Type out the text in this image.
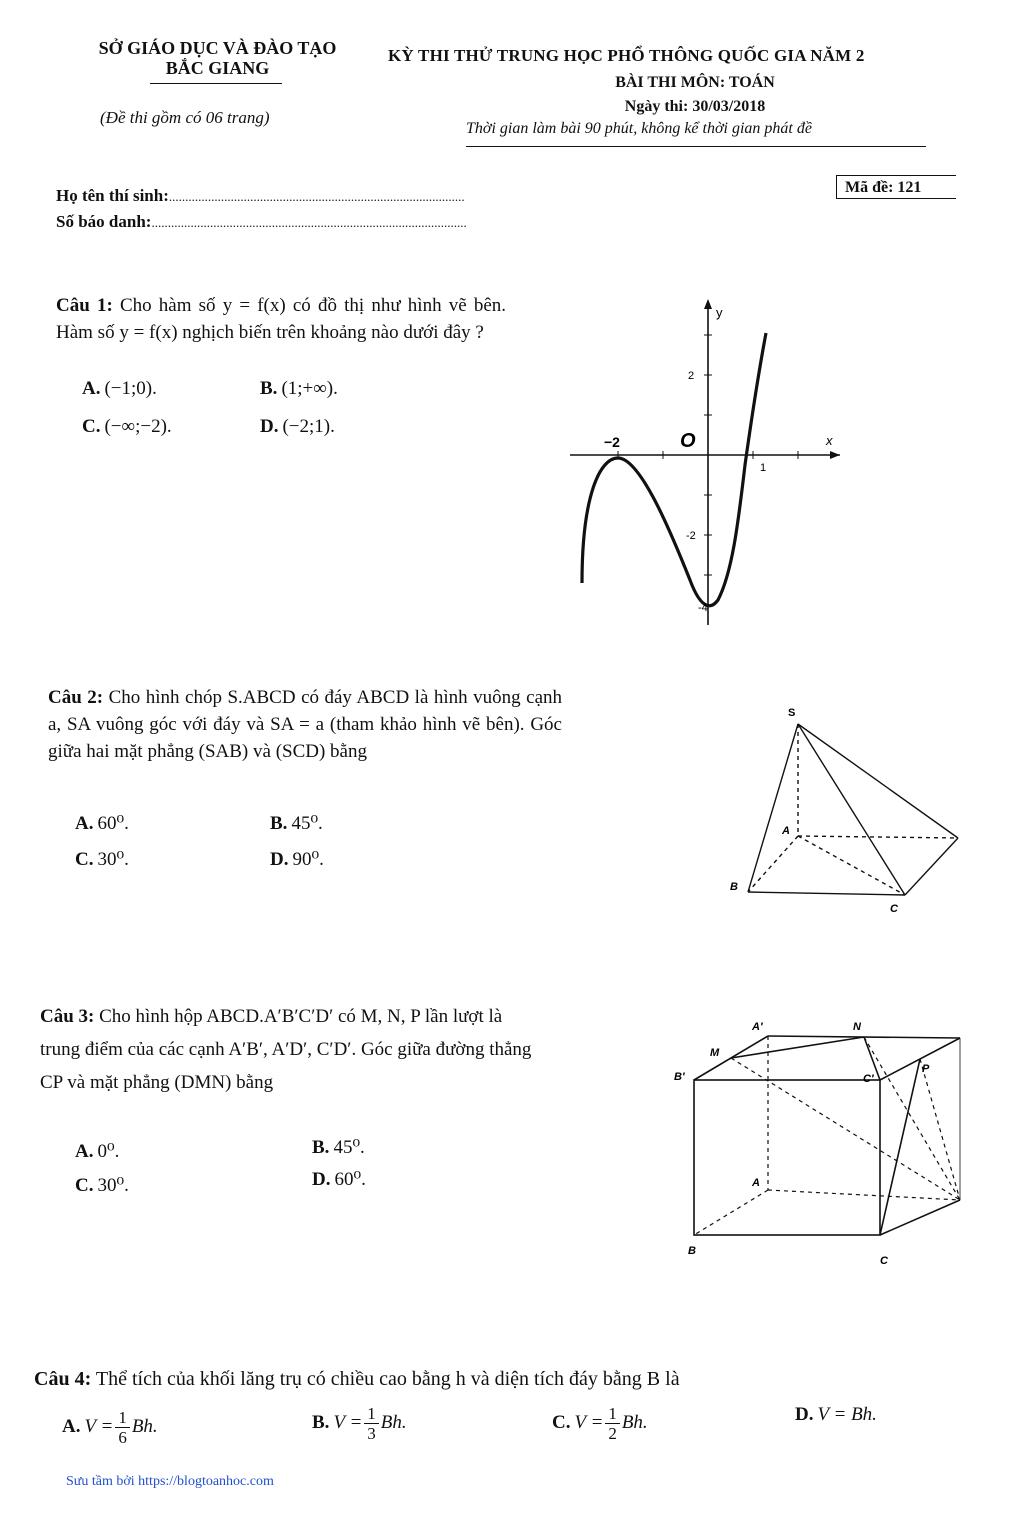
SỞ GIÁO DỤC VÀ ĐÀO TẠO
BẮC GIANG
(Đề thi gồm có 06 trang)
KỲ THI THỬ TRUNG HỌC PHỔ THÔNG QUỐC GIA NĂM 2
BÀI THI MÔN: TOÁN
Ngày thi: 30/03/2018
Thời gian làm bài 90 phút, không kể thời gian phát đề
Họ tên thí sinh:...........................................................................................
Số báo danh:.................................................................................................
Mã đề: 121
Câu 1: Cho hàm số y = f(x) có đồ thị như hình vẽ bên. Hàm số y = f(x) nghịch biến trên khoảng nào dưới đây ?
A. (−1;0).	B. (1;+∞).
C. (−∞;−2).	D. (−2;1).
y
x
O
2
-2
-4
−2
1
Câu 2: Cho hình chóp S.ABCD có đáy ABCD là hình vuông cạnh a, SA vuông góc với đáy và SA = a (tham khảo hình vẽ bên). Góc giữa hai mặt phẳng (SAB) và (SCD) bằng
A. 60⁰.	B. 45⁰.
C. 30⁰.	D. 90⁰.
S
A
B
C
Câu 3: Cho hình hộp ABCD.A′B′C′D′ có M, N, P lần lượt là trung điểm của các cạnh A′B′, A′D′, C′D′. Góc giữa đường thẳng CP và mặt phẳng (DMN) bằng
A. 0⁰.	B. 45⁰.
C. 30⁰.	D. 60⁰.
A′	N
M
B′	C′
P
A
B
C
Câu 4: Thể tích của khối lăng trụ có chiều cao bằng h và diện tích đáy bằng B là
A. $V = \frac{1}{6} Bh$.	B. $V = \frac{1}{3} Bh$.	C. $V = \frac{1}{2} Bh$.	D. V = Bh.
Sưu tầm bởi https://blogtoanhoc.com
